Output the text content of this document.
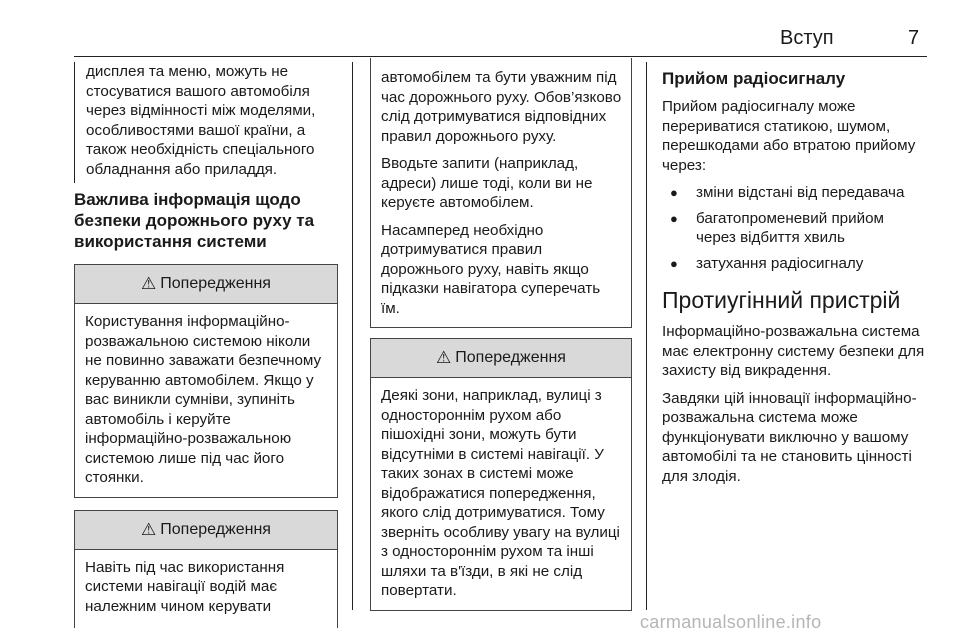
Вступ	7

дисплея та меню, можуть не стосуватися вашого автомобіля через відмінності між моделями, особливостями вашої країни, а також необхідність спеціального обладнання або приладдя.

Важлива інформація щодо безпеки дорожнього руху та використання системи

⚠ Попередження
Користування інформаційно-розважальною системою ніколи не повинно заважати безпечному керуванню автомобілем. Якщо у вас виникли сумніви, зупиніть автомобіль і керуйте інформаційно-розважальною системою лише під час його стоянки.
⚠ Попередження
Навіть під час використання системи навігації водій має належним чином керувати

автомобілем та бути уважним під час дорожнього руху. Обов’язково слід дотримуватися відповідних правил дорожнього руху.

Вводьте запити (наприклад, адреси) лише тоді, коли ви не керуєте автомобілем.

Насамперед необхідно дотримуватися правил дорожнього руху, навіть якщо підказки навігатора суперечать їм.

⚠ Попередження
Деякі зони, наприклад, вулиці з одностороннім рухом або пішохідні зони, можуть бути відсутніми в системі навігації. У таких зонах в системі може відображатися попередження, якого слід дотримуватися. Тому зверніть особливу увагу на вулиці з одностороннім рухом та інші шляхи та в'їзди, в які не слід повертати.

Прийом радіосигналу

Прийом радіосигналу може перериватися статикою, шумом, перешкодами або втратою прийому через:

●	зміни відстані від передавача
●	багатопроменевий прийом через відбиття хвиль
●	затухання радіосигналу

Протиугінний пристрій

Інформаційно-розважальна система має електронну систему безпеки для захисту від викрадення.

Завдяки цій інновації інформаційно-розважальна система може функціонувати виключно у вашому автомобілі та не становить цінності для злодія.

carmanualsonline.info
